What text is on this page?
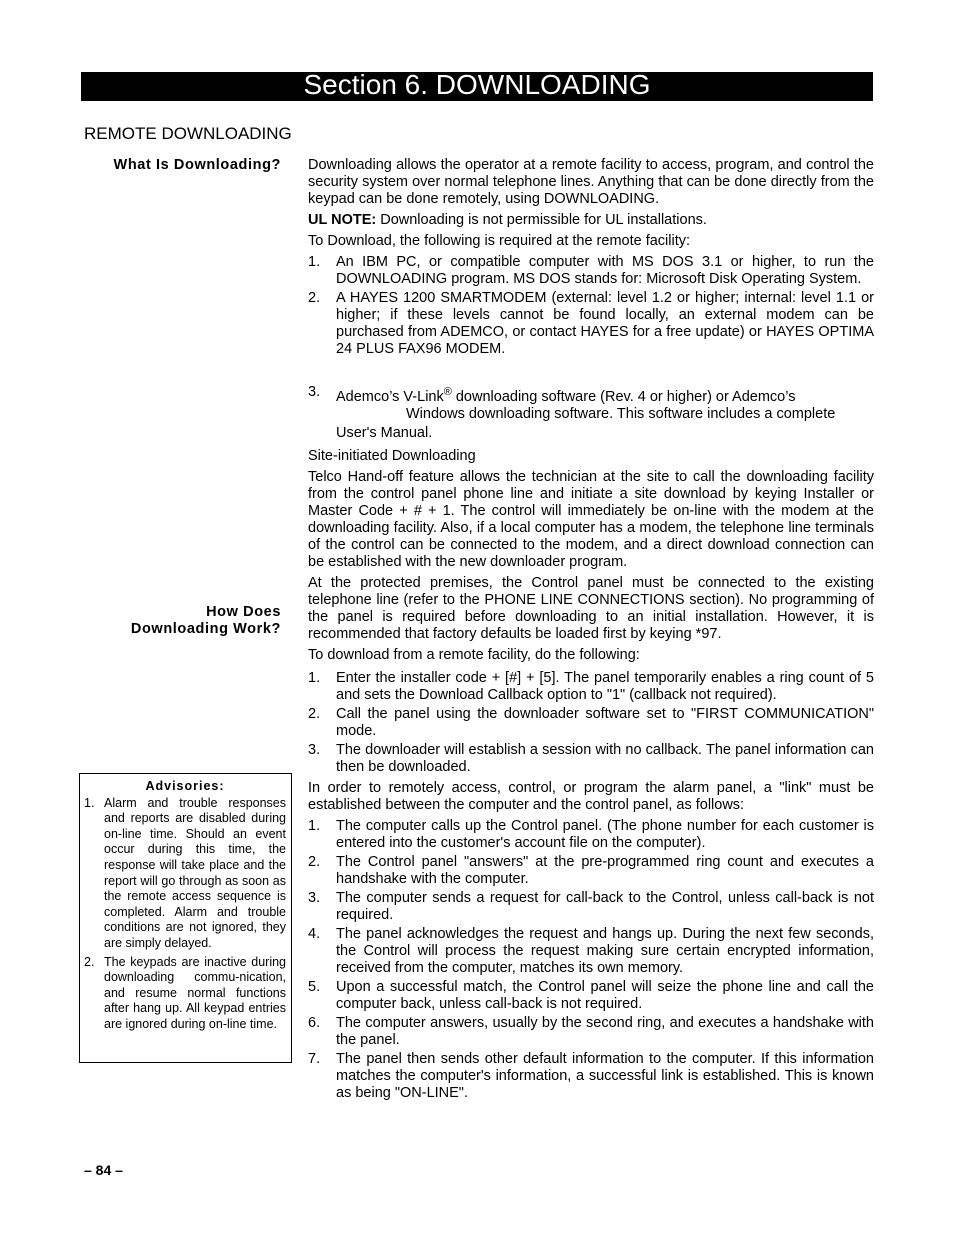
Section 6. DOWNLOADING
REMOTE DOWNLOADING
What Is Downloading?
How Does
Downloading Work?

Downloading allows the operator at a remote facility to access, program, and control the security system over normal telephone lines. Anything that can be done directly from the keypad can be done remotely, using DOWNLOADING.

UL NOTE: Downloading is not permissible for UL installations.

To Download, the following is required at the remote facility:

1. An IBM PC, or compatible computer with MS DOS 3.1 or higher, to run the DOWNLOADING program. MS DOS stands for: Microsoft Disk Operating System.
2. A HAYES 1200 SMARTMODEM (external: level 1.2 or higher; internal: level 1.1 or higher; if these levels cannot be found locally, an external modem can be purchased from ADEMCO, or contact HAYES for a free update) or HAYES OPTIMA 24 PLUS FAX96 MODEM.
3. Ademco’s V-Link® downloading software (Rev. 4 or higher) or Ademco’s
Windows downloading software. This software includes a complete
User's Manual.

Site-initiated Downloading

Telco Hand-off feature allows the technician at the site to call the downloading facility from the control panel phone line and initiate a site download by keying Installer or Master Code + # + 1. The control will immediately be on-line with the modem at the downloading facility. Also, if a local computer has a modem, the telephone line terminals of the control can be connected to the modem, and a direct download connection can be established with the new downloader program.

At the protected premises, the Control panel must be connected to the existing telephone line (refer to the PHONE LINE CONNECTIONS section). No programming of the panel is required before downloading to an initial installation. However, it is recommended that factory defaults be loaded first by keying *97.

To download from a remote facility, do the following:

1. Enter the installer code + [#] + [5]. The panel temporarily enables a ring count of 5 and sets the Download Callback option to "1" (callback not required).
2. Call the panel using the downloader software set to "FIRST COMMUNICATION" mode.
3. The downloader will establish a session with no callback. The panel information can then be downloaded.

In order to remotely access, control, or program the alarm panel, a "link" must be established between the computer and the control panel, as follows:

1. The computer calls up the Control panel. (The phone number for each customer is entered into the customer's account file on the computer).
2. The Control panel "answers" at the pre-programmed ring count and executes a handshake with the computer.
3. The computer sends a request for call-back to the Control, unless call-back is not required.
4. The panel acknowledges the request and hangs up. During the next few seconds, the Control will process the request making sure certain encrypted information, received from the computer, matches its own memory.
5. Upon a successful match, the Control panel will seize the phone line and call the computer back, unless call-back is not required.
6. The computer answers, usually by the second ring, and executes a handshake with the panel.
7. The panel then sends other default information to the computer. If this information matches the computer's information, a successful link is established. This is known as being "ON-LINE".
Advisories:
1. Alarm and trouble responses and reports are disabled during on-line time. Should an event occur during this time, the response will take place and the report will go through as soon as the remote access sequence is completed. Alarm and trouble conditions are not ignored, they are simply delayed.
2. The keypads are inactive during downloading commu-nication, and resume normal functions after hang up. All keypad entries are ignored during on-line time.
– 84 –
